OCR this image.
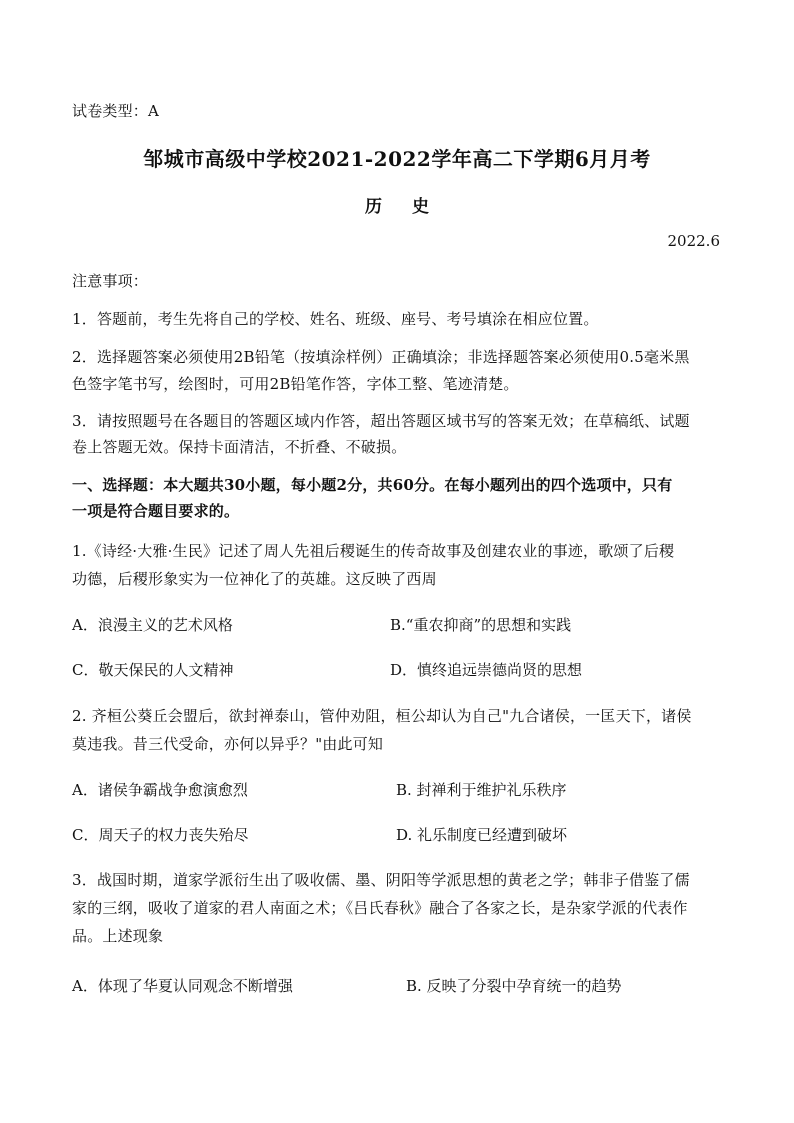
试卷类型：A
邹城市高级中学校2021-2022学年高二下学期6月月考
历 史
2022.6
注意事项：
1．答题前，考生先将自己的学校、姓名、班级、座号、考号填涂在相应位置。
2．选择题答案必须使用2B铅笔（按填涂样例）正确填涂；非选择题答案必须使用0.5毫米黑
色签字笔书写，绘图时，可用2B铅笔作答，字体工整、笔迹清楚。
3．请按照题号在各题目的答题区域内作答，超出答题区域书写的答案无效；在草稿纸、试题
卷上答题无效。保持卡面清洁，不折叠、不破损。
一、选择题：本大题共30小题，每小题2分，共60分。在每小题列出的四个选项中，只有
一项是符合题目要求的。
1.《诗经·大雅·生民》记述了周人先祖后稷诞生的传奇故事及创建农业的事迹，歌颂了后稷
功德，后稷形象实为一位神化了的英雄。这反映了西周
A．浪漫主义的艺术风格	B.“重农抑商”的思想和实践
C．敬天保民的人文精神	D．慎终追远崇德尚贤的思想
2. 齐桓公葵丘会盟后，欲封禅泰山，管仲劝阻，桓公却认为自己"九合诸侯，一匡天下，诸侯
莫违我。昔三代受命，亦何以异乎？"由此可知
A．诸侯争霸战争愈演愈烈	B. 封禅利于维护礼乐秩序
C．周天子的权力丧失殆尽	D. 礼乐制度已经遭到破坏
3．战国时期，道家学派衍生出了吸收儒、墨、阴阳等学派思想的黄老之学；韩非子借鉴了儒
家的三纲，吸收了道家的君人南面之术；《吕氏春秋》融合了各家之长，是杂家学派的代表作
品。上述现象
A．体现了华夏认同观念不断增强	B. 反映了分裂中孕育统一的趋势
